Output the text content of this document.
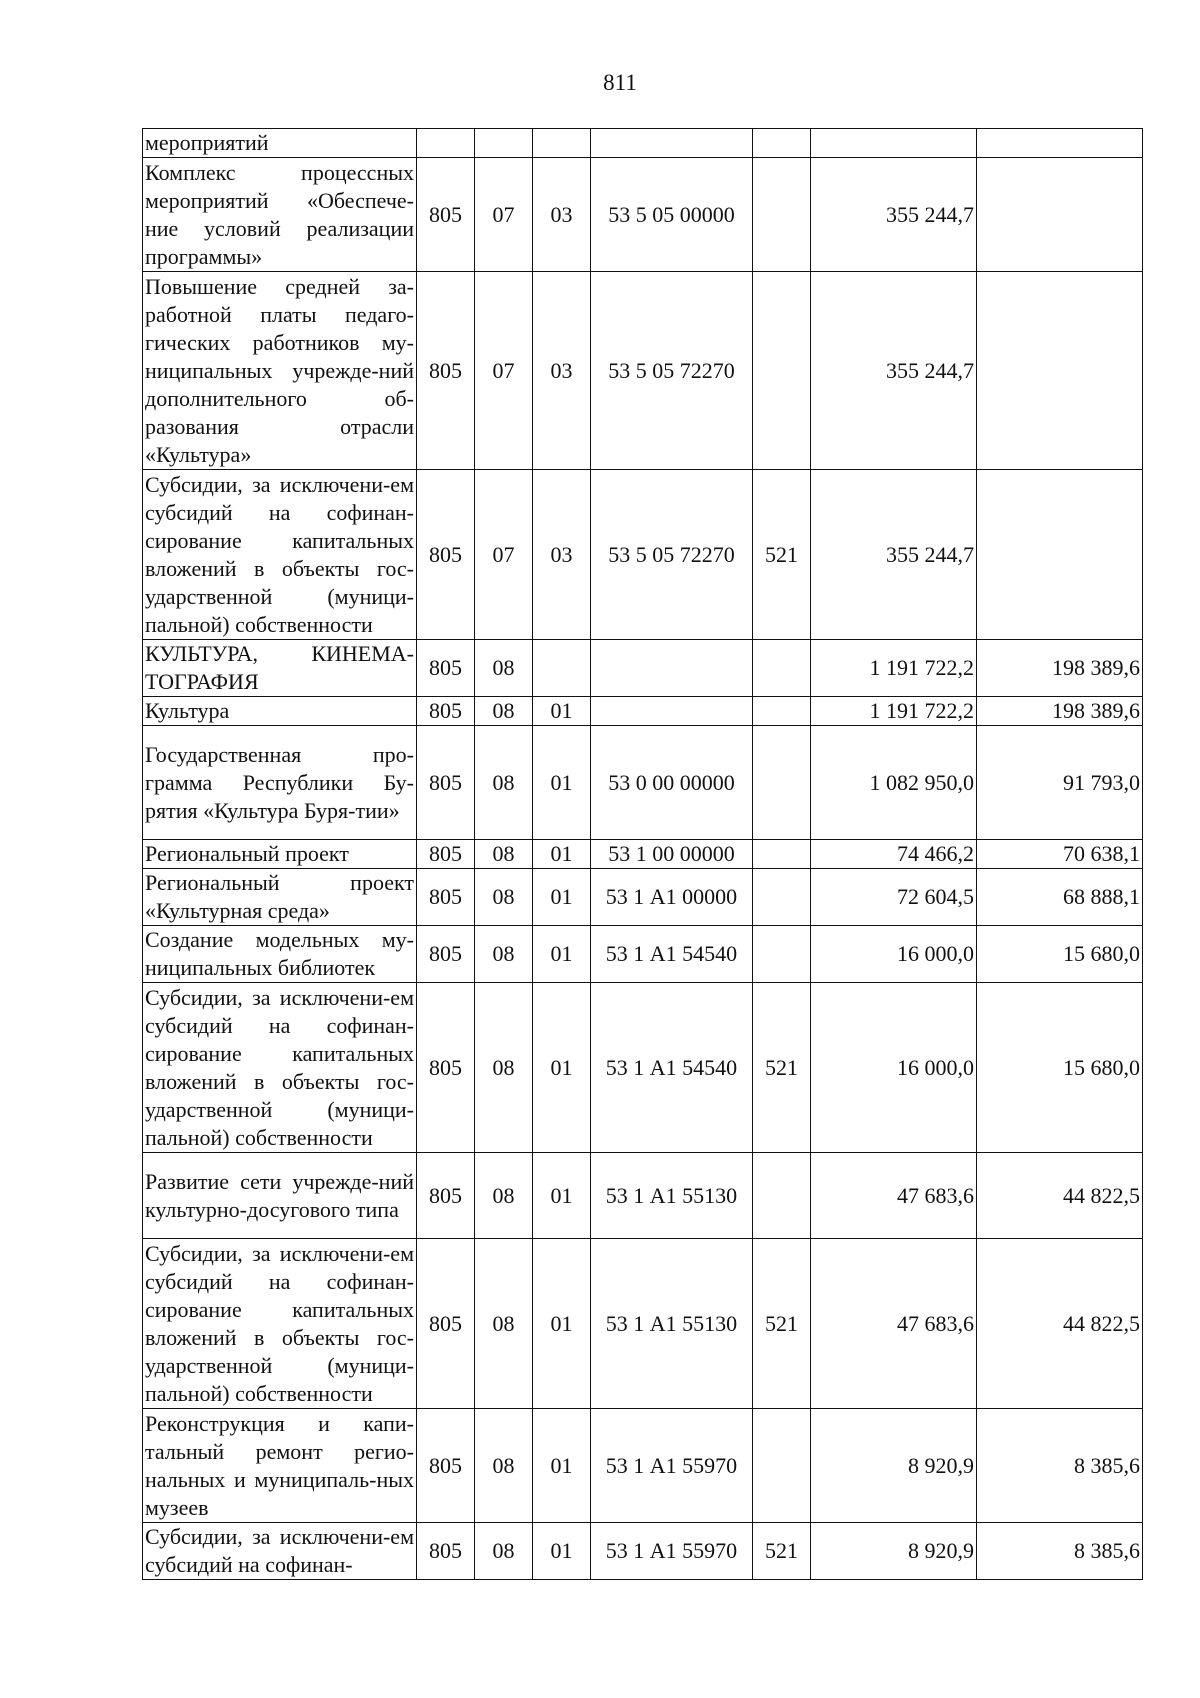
811
мероприятий							
Комплекс процессных мероприятий «Обеспече-ние условий реализации программы»	805	07	03	53 5 05 00000		355 244,7	
Повышение средней за-работной платы педаго-гических работников му-ниципальных учрежде-ний дополнительного об-разования отрасли «Культура»	805	07	03	53 5 05 72270		355 244,7	
Субсидии, за исключени-ем субсидий на софинан-сирование капитальных вложений в объекты гос-ударственной (муници-пальной) собственности	805	07	03	53 5 05 72270	521	355 244,7	
КУЛЬТУРА, КИНЕМА-ТОГРАФИЯ	805	08				1 191 722,2	198 389,6
Культура	805	08	01			1 191 722,2	198 389,6
Государственная про-грамма Республики Бу-рятия «Культура Буря-тии»	805	08	01	53 0 00 00000		1 082 950,0	91 793,0
Региональный проект	805	08	01	53 1 00 00000		74 466,2	70 638,1
Региональный проект «Культурная среда»	805	08	01	53 1 А1 00000		72 604,5	68 888,1
Создание модельных му-ниципальных библиотек	805	08	01	53 1 А1 54540		16 000,0	15 680,0
Субсидии, за исключени-ем субсидий на софинан-сирование капитальных вложений в объекты гос-ударственной (муници-пальной) собственности	805	08	01	53 1 А1 54540	521	16 000,0	15 680,0
Развитие сети учрежде-ний культурно-досугового типа	805	08	01	53 1 А1 55130		47 683,6	44 822,5
Субсидии, за исключени-ем субсидий на софинан-сирование капитальных вложений в объекты гос-ударственной (муници-пальной) собственности	805	08	01	53 1 А1 55130	521	47 683,6	44 822,5
Реконструкция и капи-тальный ремонт регио-нальных и муниципаль-ных музеев	805	08	01	53 1 А1 55970		8 920,9	8 385,6
Субсидии, за исключени-ем субсидий на софинан-	805	08	01	53 1 А1 55970	521	8 920,9	8 385,6
